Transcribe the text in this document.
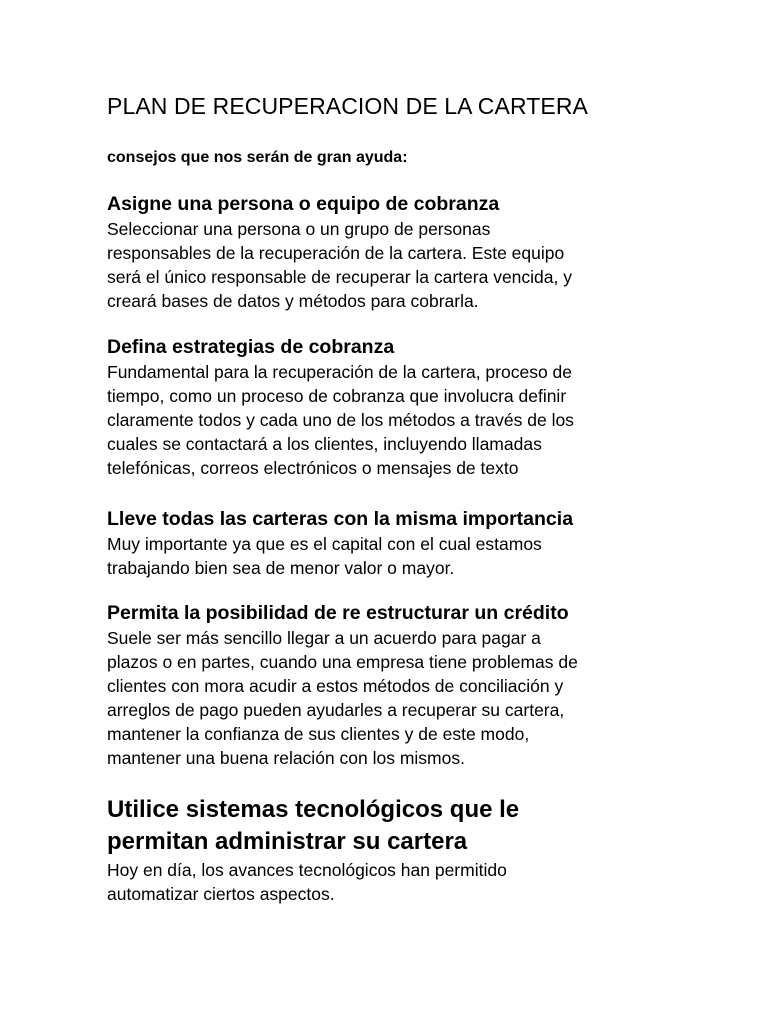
PLAN DE RECUPERACION DE LA CARTERA

consejos que nos serán de gran ayuda:

Asigne una persona o equipo de cobranza

Seleccionar una persona o un grupo de personas
responsables de la recuperación de la cartera. Este equipo
será el único responsable de recuperar la cartera vencida, y
creará bases de datos y métodos para cobrarla.

Defina estrategias de cobranza

Fundamental para la recuperación de la cartera, proceso de
tiempo, como un proceso de cobranza que involucra definir
claramente todos y cada uno de los métodos a través de los
cuales se contactará a los clientes, incluyendo llamadas
telefónicas, correos electrónicos o mensajes de texto

Lleve todas las carteras con la misma importancia

Muy importante ya que es el capital con el cual estamos
trabajando bien sea de menor valor o mayor.

Permita la posibilidad de re estructurar un crédito

Suele ser más sencillo llegar a un acuerdo para pagar a
plazos o en partes, cuando una empresa tiene problemas de
clientes con mora acudir a estos métodos de conciliación y
arreglos de pago pueden ayudarles a recuperar su cartera,
mantener la confianza de sus clientes y de este modo,
mantener una buena relación con los mismos.

Utilice sistemas tecnológicos que le
permitan administrar su cartera

Hoy en día, los avances tecnológicos han permitido
automatizar ciertos aspectos.
